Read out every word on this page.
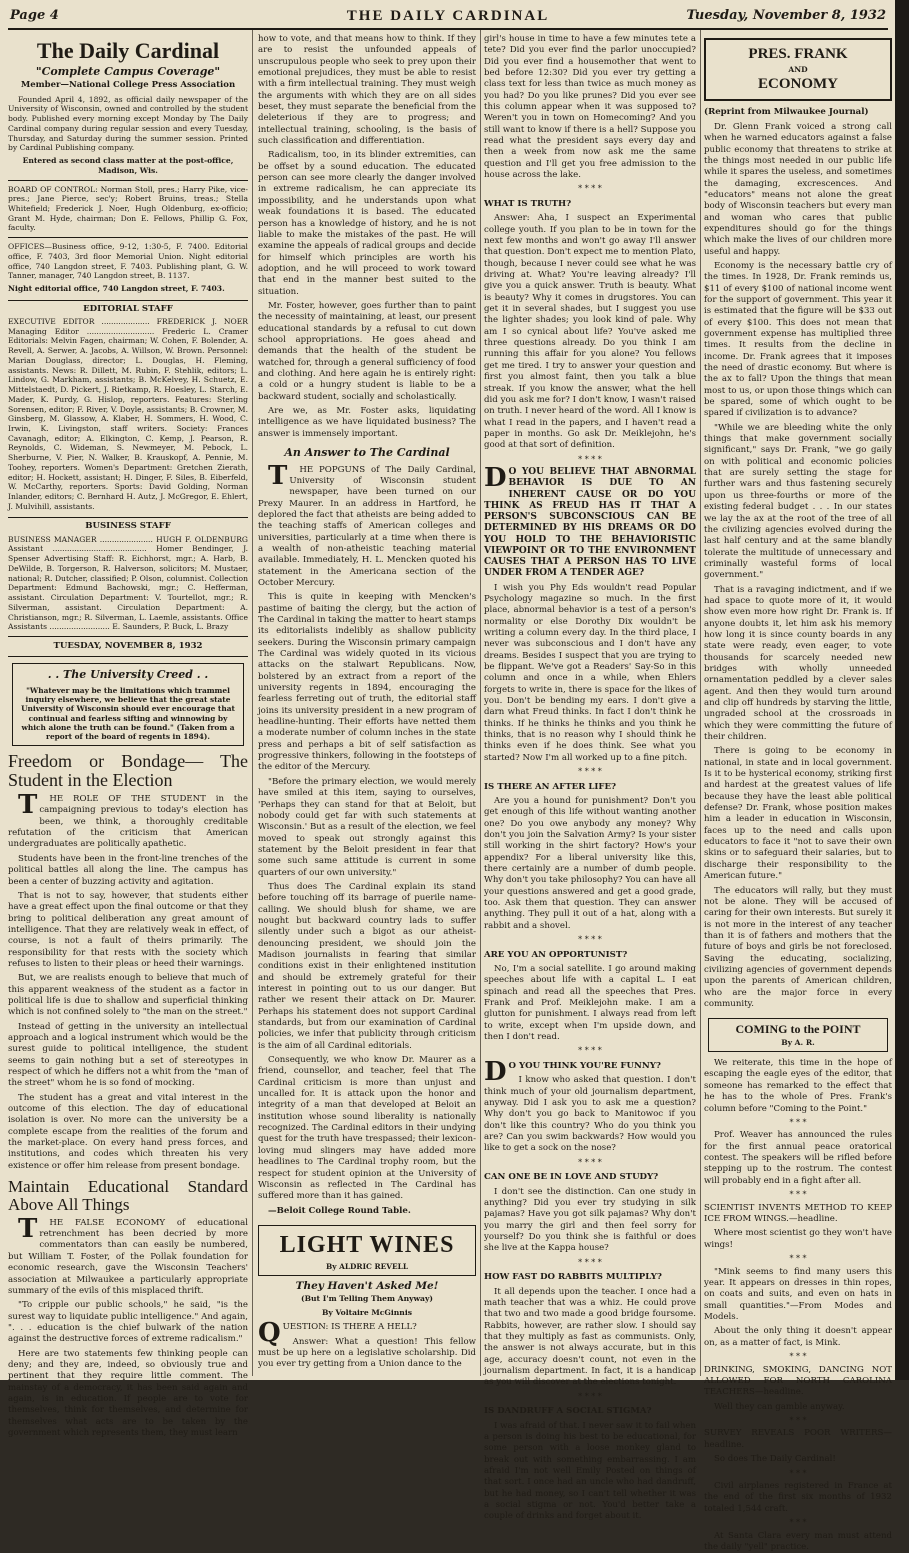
Page 4	THE DAILY CARDINAL	Tuesday, November 8, 1932
The Daily Cardinal
"Complete Campus Coverage"
Member—National College Press Association

Founded April 4, 1892, as official daily newspaper of the University of Wisconsin, owned and controlled by the student body. Published every morning except Monday by The Daily Cardinal company during regular session and every Tuesday, Thursday, and Saturday during the summer session. Printed by Cardinal Publishing company.

Entered as second class matter at the post-office, Madison, Wis.

BOARD OF CONTROL: Norman Stoll, pres.; Harry Pike, vice-pres.; Jane Pierce, sec'y; Robert Bruins, treas.; Stella Whitefield; Frederick J. Noer, Hugh Oldenburg, ex-officio; Grant M. Hyde, chairman; Don E. Fellows, Phillip G. Fox, faculty.

OFFICES—Business office, 9-12, 1:30-5, F. 7400. Editorial office, F. 7403, 3rd floor Memorial Union. Night editorial office, 740 Langdon street, F. 7403. Publishing plant, G. W. Tanner, manager, 740 Langdon street, B. 1137.

Night editorial office, 740 Langdon street, F. 7403.

EDITORIAL STAFF

EXECUTIVE EDITOR .................... FREDERICK J. NOER Managing Editor ............................ Frederic L. Cramer Editorials: Melvin Fagen, chairman; W. Cohen, F. Bolender, A. Revell, A. Serwer, A. Jacobs, A. Willson, W. Brown. Personnel: Marian Douglass, director; L. Douglas, H. Fleming, assistants. News: R. Dillett, M. Rubin, F. Stehlik, editors; L. Lindow, G. Markham, assistants; B. McKelvey, H. Schuetz, E. Mittelstaedt, D. Pickert, J. Rietkamp, R. Hoesley, L. Starch, E. Mader, K. Purdy, G. Hislop, reporters. Features: Sterling Sorensen, editor; F. River, V. Doyle, assistants; B. Crowner, M. Ginsberg, M. Glassow, A. Klaber, H. Sommers, H. Wood, C. Irwin, K. Livingston, staff writers. Society: Frances Cavanagh, editor; A. Elkington, C. Kemp, J. Pearson, R. Reynolds, C. Wideman, S. Newmeyer, M. Pebock, L. Sherburne, V. Pier, N. Walker, B. Krauskopf, A. Pennie, M. Toohey, reporters. Women's Department: Gretchen Zierath, editor; H. Hockett, assistant; H. Dinger, F. Siles, B. Eiberfeld, W. McCarthy, reporters. Sports: David Golding, Norman Inlander, editors; C. Bernhard H. Autz, J. McGregor, E. Ehlert, J. Mulvihill, assistants.

BUSINESS STAFF

BUSINESS MANAGER ...................... HUGH F. OLDENBURG Assistant ....................................... Homer Bendinger, J. Spenser Advertising Staff: R. Eichhorst, mgr.; A. Harb, B. DeWilde, B. Torgerson, R. Halverson, solicitors; M. Mustaer, national; R. Dutcher, classified; P. Olson, columnist. Collection Department: Edmund Bachowski, mgr.; C. Hefferman, assistant. Circulation Department: V. Tourtellot, mgr.; R. Silverman, assistant. Circulation Department: A. Christianson, mgr.; R. Silverman, L. Laemle, assistants. Office Assistants ......................... E. Saunders, P. Buck, L. Brazy

TUESDAY, NOVEMBER 8, 1932
. . The University Creed . .
"Whatever may be the limitations which trammel inquiry elsewhere, we believe that the great state University of Wisconsin should ever encourage that continual and fearless sifting and winnowing by which alone the truth can be found." (Taken from a report of the board of regents in 1894).
Freedom or Bondage— The Student in the Election

THE ROLE OF THE STUDENT in the campaigning previous to today's election has been, we think, a thoroughly creditable refutation of the criticism that American undergraduates are politically apathetic.

Students have been in the front-line trenches of the political battles all along the line. The campus has been a center of buzzing activity and agitation.

That is not to say, however, that students either have a great effect upon the final outcome or that they bring to political deliberation any great amount of intelligence. That they are relatively weak in effect, of course, is not a fault of theirs primarily. The responsibility for that rests with the society which refuses to listen to their pleas or heed their warnings.

But, we are realists enough to believe that much of this apparent weakness of the student as a factor in political life is due to shallow and superficial thinking which is not confined solely to "the man on the street."

Instead of getting in the university an intellectual approach and a logical instrument which would be the surest guide to political intelligence, the student seems to gain nothing but a set of stereotypes in respect of which he differs not a whit from the "man of the street" whom he is so fond of mocking.

The student has a great and vital interest in the outcome of this election. The day of educational isolation is over. No more can the university be a complete escape from the realities of the forum and the market-place. On every hand press forces, and institutions, and codes which threaten his very existence or offer him release from present bondage.

Maintain Educational Standard Above All Things

THE FALSE ECONOMY of educational retrenchment has been decried by more commentators than can easily be numbered, but William T. Foster, of the Pollak foundation for economic research, gave the Wisconsin Teachers' association at Milwaukee a particularly appropriate summary of the evils of this misplaced thrift.

"To cripple our public schools," he said, "is the surest way to liquidate public intelligence." And again, ". . . education is the chief bulwark of the nation against the destructive forces of extreme radicalism."

Here are two statements few thinking people can deny; and they are, indeed, so obviously true and pertinent that they require little comment. The mainstay of a democracy, it has been said again and again, is in education. If people are to vote for themselves, think for themselves, and determine for themselves what acts are to be taken by the government which represents them, they must learn

how to vote, and that means how to think. If they are to resist the unfounded appeals of unscrupulous people who seek to prey upon their emotional prejudices, they must be able to resist with a firm intellectual training. They must weigh the arguments with which they are on all sides beset, they must separate the beneficial from the deleterious if they are to progress; and intellectual training, schooling, is the basis of such classification and differentiation.

Radicalism, too, in its blinder extremities, can be offset by a sound education. The educated person can see more clearly the danger involved in extreme radicalism, he can appreciate its impossibility, and he understands upon what weak foundations it is based. The educated person has a knowledge of history, and he is not liable to make the mistakes of the past. He will examine the appeals of radical groups and decide for himself which principles are worth his adoption, and he will proceed to work toward that end in the manner best suited to the situation.

Mr. Foster, however, goes further than to paint the necessity of maintaining, at least, our present educational standards by a refusal to cut down school appropriations. He goes ahead and demands that the health of the student be watched for, through a general sufficiency of food and clothing. And here again he is entirely right: a cold or a hungry student is liable to be a backward student, socially and scholastically.

Are we, as Mr. Foster asks, liquidating intelligence as we have liquidated business? The answer is immensely important.

An Answer to The Cardinal

THE POPGUNS of The Daily Cardinal, University of Wisconsin student newspaper, have been turned on our Prexy Maurer. In an address in Hartford, he deplored the fact that atheists are being added to the teaching staffs of American colleges and universities, particularly at a time when there is a wealth of non-atheistic teaching material available. Immediately, H. L. Mencken quoted his statement in the Americana section of the October Mercury.

This is quite in keeping with Mencken's pastime of baiting the clergy, but the action of The Cardinal in taking the matter to heart stamps its editorialists indelibly as shallow publicity seekers. During the Wisconsin primary campaign The Cardinal was widely quoted in its vicious attacks on the stalwart Republicans. Now, bolstered by an extract from a report of the university regents in 1894, encouraging the fearless ferreting out of truth, the editorial staff joins its university president in a new program of headline-hunting. Their efforts have netted them a moderate number of column inches in the state press and perhaps a bit of self satisfaction as progressive thinkers, following in the footsteps of the editor of the Mercury.

"Before the primary election, we would merely have smiled at this item, saying to ourselves, 'Perhaps they can stand for that at Beloit, but nobody could get far with such statements at Wisconsin.' But as a result of the election, we feel moved to speak out strongly against this statement by the Beloit president in fear that some such same attitude is current in some quarters of our own university."

Thus does The Cardinal explain its stand before touching off its barrage of puerile name-calling. We should blush for shame, we are nought but backward country lads to suffer silently under such a bigot as our atheist-denouncing president, we should join the Madison journalists in fearing that similar conditions exist in their enlightened institution and should be extremely grateful for their interest in pointing out to us our danger. But rather we resent their attack on Dr. Maurer. Perhaps his statement does not support Cardinal standards, but from our examination of Cardinal policies, we infer that publicity through criticism is the aim of all Cardinal editorials.

Consequently, we who know Dr. Maurer as a friend, counsellor, and teacher, feel that The Cardinal criticism is more than unjust and uncalled for. It is attack upon the honor and integrity of a man that developed at Beloit an institution whose sound liberality is nationally recognized. The Cardinal editors in their undying quest for the truth have trespassed; their lexicon-loving mud slingers may have added more headlines to The Cardinal trophy room, but the respect for student opinion at the University of Wisconsin as reflected in The Cardinal has suffered more than it has gained.

—Beloit College Round Table.

LIGHT WINES
By ALDRIC REVELL
They Haven't Asked Me!
(But I'm Telling Them Anyway)
By Voltaire McGinnis

QUESTION: IS THERE A HELL?

Answer: What a question! This fellow must be up here on a legislative scholarship. Did you ever try getting from a Union dance to the

girl's house in time to have a few minutes tete a tete? Did you ever find the parlor unoccupied? Did you ever find a housemother that went to bed before 12:30? Did you ever try getting a class text for less than twice as much money as you had? Do you like prunes? Did you ever see this column appear when it was supposed to? Weren't you in town on Homecoming? And you still want to know if there is a hell? Suppose you read what the president says every day and then a week from now ask me the same question and I'll get you free admission to the house across the lake.

* * * *

WHAT IS TRUTH?

Answer: Aha, I suspect an Experimental college youth. If you plan to be in town for the next few months and won't go away I'll answer that question. Don't expect me to mention Plato, though, because I never could see what he was driving at. What? You're leaving already? I'll give you a quick answer. Truth is beauty. What is beauty? Why it comes in drugstores. You can get it in several shades, but I suggest you use the lighter shades; you look kind of pale. Why am I so cynical about life? You've asked me three questions already. Do you think I am running this affair for you alone? You fellows get me tired. I try to answer your question and first you almost faint, then you talk a blue streak. If you know the answer, what the hell did you ask me for? I don't know, I wasn't raised on truth. I never heard of the word. All I know is what I read in the papers, and I haven't read a paper in months. Go ask Dr. Meiklejohn, he's good at that sort of definition.

* * * *

DO YOU BELIEVE THAT ABNORMAL BEHAVIOR IS DUE TO AN INHERENT CAUSE OR DO YOU THINK AS FREUD HAS IT THAT A PERSON'S SUBCONSCIOUS CAN BE DETERMINED BY HIS DREAMS OR DO YOU HOLD TO THE BEHAVIORISTIC VIEWPOINT OR TO THE ENVIRONMENT CAUSES THAT A PERSON HAS TO LIVE UNDER FROM A TENDER AGE?

I wish you Phy Eds wouldn't read Popular Psychology magazine so much. In the first place, abnormal behavior is a test of a person's normality or else Dorothy Dix wouldn't be writing a column every day. In the third place, I never was subconscious and I don't have any dreams. Besides I suspect that you are trying to be flippant. We've got a Readers' Say-So in this column and once in a while, when Ehlers forgets to write in, there is space for the likes of you. Don't be bending my ears. I don't give a darn what Freud thinks. In fact I don't think he thinks. If he thinks he thinks and you think he thinks, that is no reason why I should think he thinks even if he does think. See what you started? Now I'm all worked up to a fine pitch.

* * * *

IS THERE AN AFTER LIFE?

Are you a hound for punishment? Don't you get enough of this life without wanting another one? Do you owe anybody any money? Why don't you join the Salvation Army? Is your sister still working in the shirt factory? How's your appendix? For a liberal university like this, there certainly are a number of dumb people. Why don't you take philosophy? You can have all your questions answered and get a good grade, too. Ask them that question. They can answer anything. They pull it out of a hat, along with a rabbit and a shovel.

* * * *

ARE YOU AN OPPORTUNIST?

No, I'm a social satellite. I go around making speeches about life with a capital L. I eat spinach and read all the speeches that Pres. Frank and Prof. Meiklejohn make. I am a glutton for punishment. I always read from left to write, except when I'm upside down, and then I don't read.

* * * *

DO YOU THINK YOU'RE FUNNY?

I know who asked that question. I don't think much of your old journalism department, anyway. Did I ask you to ask me a question? Why don't you go back to Manitowoc if you don't like this country? Who do you think you are? Can you swim backwards? How would you like to get a sock on the nose?

* * * *

CAN ONE BE IN LOVE AND STUDY?

I don't see the distinction. Can one study in anything? Did you ever try studying in silk pajamas? Have you got silk pajamas? Why don't you marry the girl and then feel sorry for yourself? Do you think she is faithful or does she live at the Kappa house?

* * * *

HOW FAST DO RABBITS MULTIPLY?

It all depends upon the teacher. I once had a math teacher that was a whiz. He could prove that two and two made a good bridge foursome. Rabbits, however, are rather slow. I should say that they multiply as fast as communists. Only, the answer is not always accurate, but in this age, accuracy doesn't count, not even in the journalism department. In fact, it is a handicap as you will discover at the elections tonight.

* * * *

IS DANDRUFF A SOCIAL STIGMA?

I was afraid of that. I never saw it to fail when a person is doing his best to be educational, for some person with a loose monkey gland to break out with something embarrassing. I am afraid I'm not well Emily Posted on things of that sort. I once had an uncle who had dandruff, but he had money, so I can't tell whether it was a social stigma or not. You'd better take a couple of drinks and forget about it.

PRES. FRANK
AND
ECONOMY

(Reprint from Milwaukee Journal)

Dr. Glenn Frank voiced a strong call when he warned educators against a false public economy that threatens to strike at the things most needed in our public life while it spares the useless, and sometimes the damaging, excrescences. And "educators" means not alone the great body of Wisconsin teachers but every man and woman who cares that public expenditures should go for the things which make the lives of our children more useful and happy.

Economy is the necessary battle cry of the times. In 1928, Dr. Frank reminds us, $11 of every $100 of national income went for the support of government. This year it is estimated that the figure will be $33 out of every $100. This does not mean that government expense has multiplied three times. It results from the decline in income. Dr. Frank agrees that it imposes the need of drastic economy. But where is the ax to fall? Upon the things that mean most to us, or upon those things which can be spared, some of which ought to be spared if civilization is to advance?

"While we are bleeding white the only things that make government socially significant," says Dr. Frank, "we go gaily on with political and economic policies that are surely setting the stage for further wars and thus fastening securely upon us three-fourths or more of the existing federal budget . . . In our states we lay the ax at the root of the tree of all the civilizing agencies evolved during the last half century and at the same blandly tolerate the multitude of unnecessary and criminally wasteful forms of local government."

That is a ravaging indictment, and if we had space to quote more of it, it would show even more how right Dr. Frank is. If anyone doubts it, let him ask his memory how long it is since county boards in any state were ready, even eager, to vote thousands for scarcely needed new bridges with wholly unneeded ornamentation peddled by a clever sales agent. And then they would turn around and clip off hundreds by starving the little, ungraded school at the crossroads in which they were committing the future of their children.

There is going to be economy in national, in state and in local government. Is it to be hysterical economy, striking first and hardest at the greatest values of life because they have the least able political defense? Dr. Frank, whose position makes him a leader in education in Wisconsin, faces up to the need and calls upon educators to face it "not to save their own skins or to safeguard their salaries, but to discharge their responsibility to the American future."

The educators will rally, but they must not be alone. They will be accused of caring for their own interests. But surely it is not more in the interest of any teacher than it is of fathers and mothers that the future of boys and girls be not foreclosed. Saving the educating, socializing, civilizing agencies of government depends upon the parents of American children, who are the major force in every community.

COMING to the POINT
By A. R.

We reiterate, this time in the hope of escaping the eagle eyes of the editor, that someone has remarked to the effect that he has to the whole of Pres. Frank's column before "Coming to the Point."

* * *

Prof. Weaver has announced the rules for the first annual peace oratorical contest. The speakers will be rifled before stepping up to the rostrum. The contest will probably end in a fight after all.

* * *

SCIENTIST INVENTS METHOD TO KEEP ICE FROM WINGS.—headline.

Where most scientist go they won't have wings!

* * *

"Mink seems to find many users this year. It appears on dresses in thin ropes, on coats and suits, and even on hats in small quantities."—From Modes and Models.

About the only thing it doesn't appear on, as a matter of fact, is Mink.

* * *

DRINKING, SMOKING, DANCING NOT ALLOWED FOR NORTH CAROLINA TEACHERS—headline.

Well they can gamble anyway.

* * *

SURVEY REVEALS POOR WRITERS—headline.

So does The Daily Cardinal!

* * *

Civil airplanes registered in France at the end of the first six months of 1932 totaled 1,544 craft.

* * *

At Santa Clara every man must attend the daily "yell" practice.
